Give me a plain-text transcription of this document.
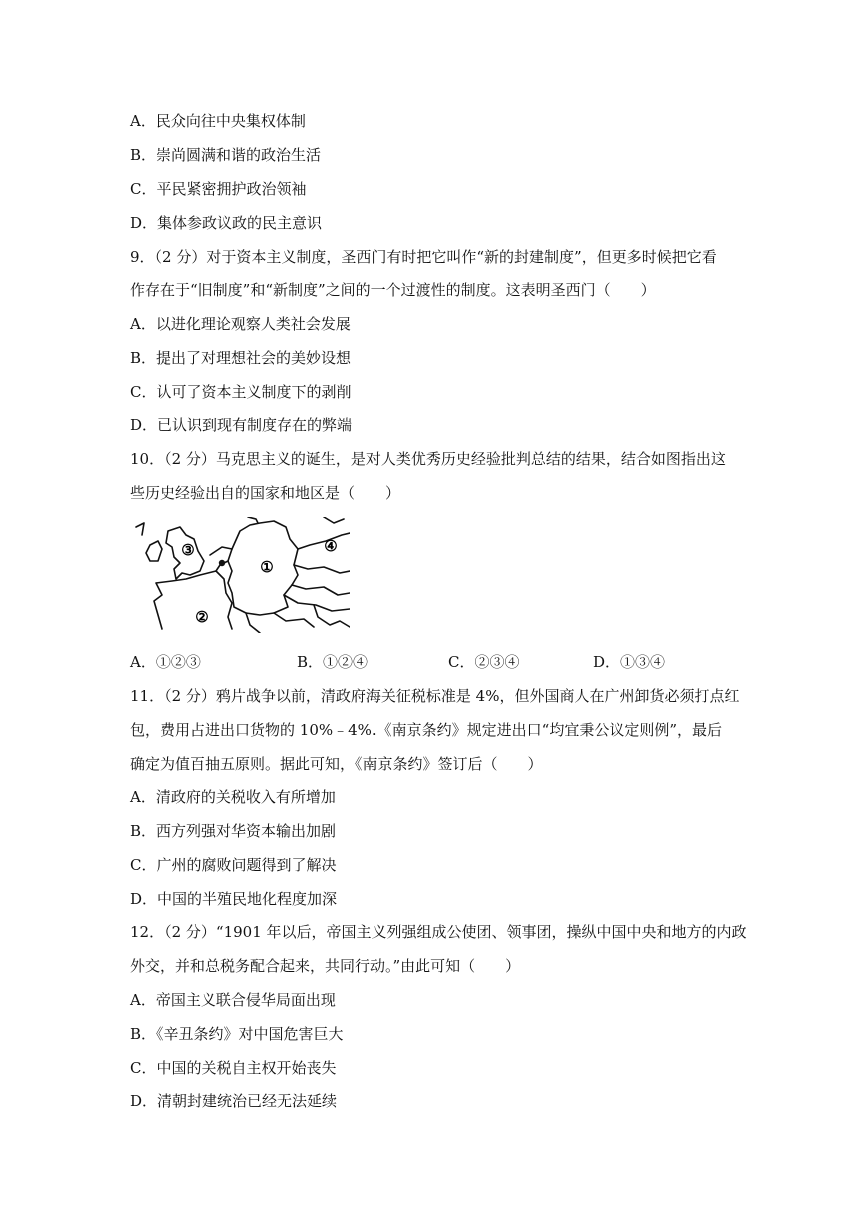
A．民众向往中央集权体制
B．崇尚圆满和谐的政治生活
C．平民紧密拥护政治领袖
D．集体参政议政的民主意识
9．（2 分）对于资本主义制度，圣西门有时把它叫作“新的封建制度”，但更多时候把它看
作存在于“旧制度”和“新制度”之间的一个过渡性的制度。这表明圣西门（　　）
A．以进化理论观察人类社会发展
B．提出了对理想社会的美妙设想
C．认可了资本主义制度下的剥削
D．已认识到现有制度存在的弊端
10．（2 分）马克思主义的诞生，是对人类优秀历史经验批判总结的结果，结合如图指出这
些历史经验出自的国家和地区是（　　）
①
②
③	④
A．①②③	B．①②④	C．②③④	D．①③④
11．（2 分）鸦片战争以前，清政府海关征税标准是 4%，但外国商人在广州卸货必须打点红
包，费用占进出口货物的 10%﹣4%.《南京条约》规定进出口“均宜秉公议定则例”，最后
确定为值百抽五原则。据此可知，《南京条约》签订后（　　）
A．清政府的关税收入有所增加
B．西方列强对华资本输出加剧
C．广州的腐败问题得到了解决
D．中国的半殖民地化程度加深
12．（2 分）“1901 年以后，帝国主义列强组成公使团、领事团，操纵中国中央和地方的内政
外交，并和总税务配合起来，共同行动。”由此可知（　　）
A．帝国主义联合侵华局面出现
B．《辛丑条约》对中国危害巨大
C．中国的关税自主权开始丧失
D．清朝封建统治已经无法延续
